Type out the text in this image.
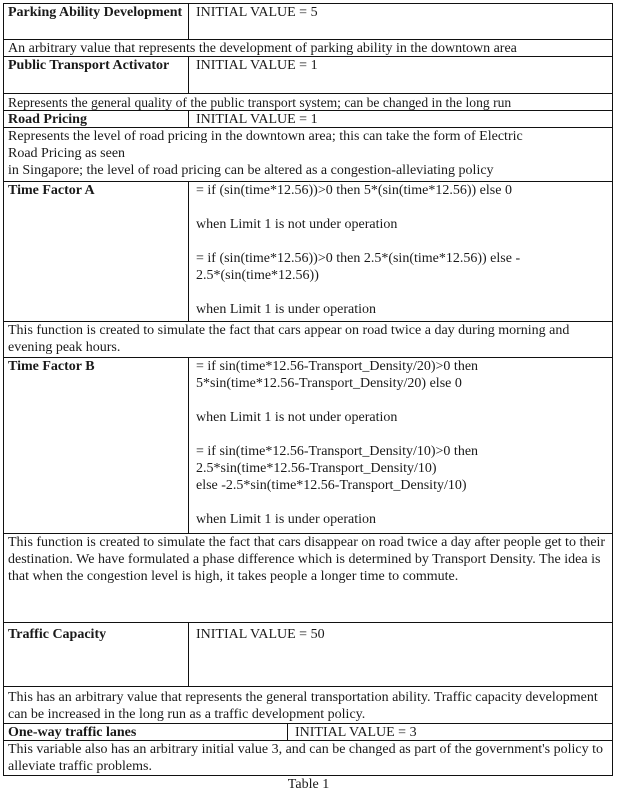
Parking Ability Development INITIAL VALUE = 5
An arbitrary value that represents the development of parking ability in the downtown area
Public Transport Activator	INITIAL VALUE = 1
Represents the general quality of the public transport system; can be changed in the long run
Road Pricing	INITIAL VALUE = 1
Represents the level of road pricing in the downtown area; this can take the form of Electric
Road Pricing as seen
in Singapore; the level of road pricing can be altered as a congestion-alleviating policy
Time Factor A	= if (sin(time*12.56))>0 then 5*(sin(time*12.56)) else 0

when Limit 1 is not under operation

= if (sin(time*12.56))>0 then 2.5*(sin(time*12.56)) else -

2.5*(sin(time*12.56))

when Limit 1 is under operation

This function is created to simulate the fact that cars appear on road twice a day during morning and evening peak hours.
Time Factor B	= if sin(time*12.56-Transport_Density/20)>0 then

5*sin(time*12.56-Transport_Density/20) else 0

when Limit 1 is not under operation

= if sin(time*12.56-Transport_Density/10)>0 then

2.5*sin(time*12.56-Transport_Density/10)

else -2.5*sin(time*12.56-Transport_Density/10)

when Limit 1 is under operation

This function is created to simulate the fact that cars disappear on road twice a day after people get to their destination. We have formulated a phase difference which is determined by Transport Density. The idea is that when the congestion level is high, it takes people a longer time to commute.
Traffic Capacity	INITIAL VALUE = 50
This has an arbitrary value that represents the general transportation ability. Traffic capacity development can be increased in the long run as a traffic development policy.
One-way traffic lanes	INITIAL VALUE = 3
This variable also has an arbitrary initial value 3, and can be changed as part of the government's policy to alleviate traffic problems.
Table 1
